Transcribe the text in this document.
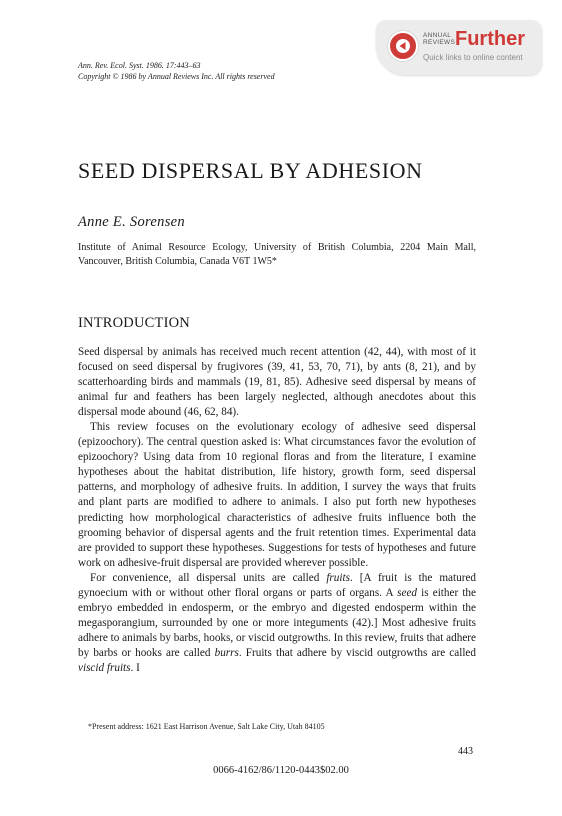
Ann. Rev. Ecol. Syst. 1986. 17:443–63
Copyright © 1986 by Annual Reviews Inc. All rights reserved
ANNUAL
REVIEWS Further
Quick links to online content
SEED DISPERSAL BY ADHESION
Anne E. Sorensen
Institute of Animal Resource Ecology, University of British Columbia, 2204 Main Mall, Vancouver, British Columbia, Canada V6T 1W5*
INTRODUCTION

Seed dispersal by animals has received much recent attention (42, 44), with most of it focused on seed dispersal by frugivores (39, 41, 53, 70, 71), by ants (8, 21), and by scatterhoarding birds and mammals (19, 81, 85). Adhesive seed dispersal by means of animal fur and feathers has been largely neglected, although anecdotes about this dispersal mode abound (46, 62, 84).

This review focuses on the evolutionary ecology of adhesive seed dispersal (epizoochory). The central question asked is: What circumstances favor the evolution of epizoochory? Using data from 10 regional floras and from the literature, I examine hypotheses about the habitat distribution, life history, growth form, seed dispersal patterns, and morphology of adhesive fruits. In addition, I survey the ways that fruits and plant parts are modified to adhere to animals. I also put forth new hypotheses predicting how morphological characteristics of adhesive fruits influence both the grooming behavior of dispersal agents and the fruit retention times. Experimental data are provided to support these hypotheses. Suggestions for tests of hypotheses and future work on adhesive-fruit dispersal are provided wherever possible.

For convenience, all dispersal units are called fruits. [A fruit is the matured gynoecium with or without other floral organs or parts of organs. A seed is either the embryo embedded in endosperm, or the embryo and digested endosperm within the megasporangium, surrounded by one or more integuments (42).] Most adhesive fruits adhere to animals by barbs, hooks, or viscid outgrowths. In this review, fruits that adhere by barbs or hooks are called burrs. Fruits that adhere by viscid outgrowths are called viscid fruits. I

*Present address: 1621 East Harrison Avenue, Salt Lake City, Utah 84105
443
0066-4162/86/1120-0443$02.00
